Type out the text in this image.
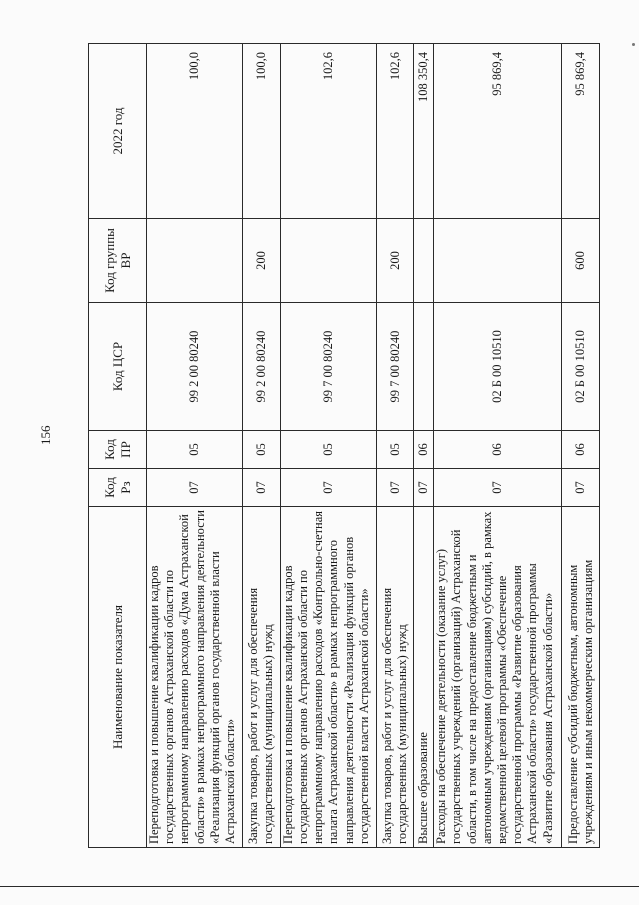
156
Наименование показателя	Код Рз	Код ПР	Код ЦСР	Код группы ВР	2022 год
Переподготовка и повышение квалификации кадров государственных органов Астраханской области по непрограммному направлению расходов «Дума Астраханской области» в рамках непрограммного направления деятельности «Реализация функций органов государственной власти Астраханской области»	07	05	99 2 00 80240		100,0
Закупка товаров, работ и услуг для обеспечения государственных (муниципальных) нужд	07	05	99 2 00 80240	200	100,0
Переподготовка и повышение квалификации кадров государственных органов Астраханской области по непрограммному направлению расходов «Контрольно-счетная палата Астраханской области» в рамках непрограммного направления деятельности «Реализация функций органов государственной власти Астраханской области»	07	05	99 7 00 80240		102,6
Закупка товаров, работ и услуг для обеспечения государственных (муниципальных) нужд	07	05	99 7 00 80240	200	102,6
Высшее образование	07	06			108 350,4
Расходы на обеспечение деятельности (оказание услуг) государственных учреждений (организаций) Астраханской области, в том числе на предоставление бюджетным и автономным учреждениям (организациям) субсидий, в рамках ведомственной целевой программы «Обеспечение государственной программы «Развитие образования Астраханской области» государственной программы «Развитие образования Астраханской области»	07	06	02 Б 00 10510		95 869,4
Предоставление субсидий бюджетным, автономным учреждениям и иным некоммерческим организациям	07	06	02 Б 00 10510	600	95 869,4
